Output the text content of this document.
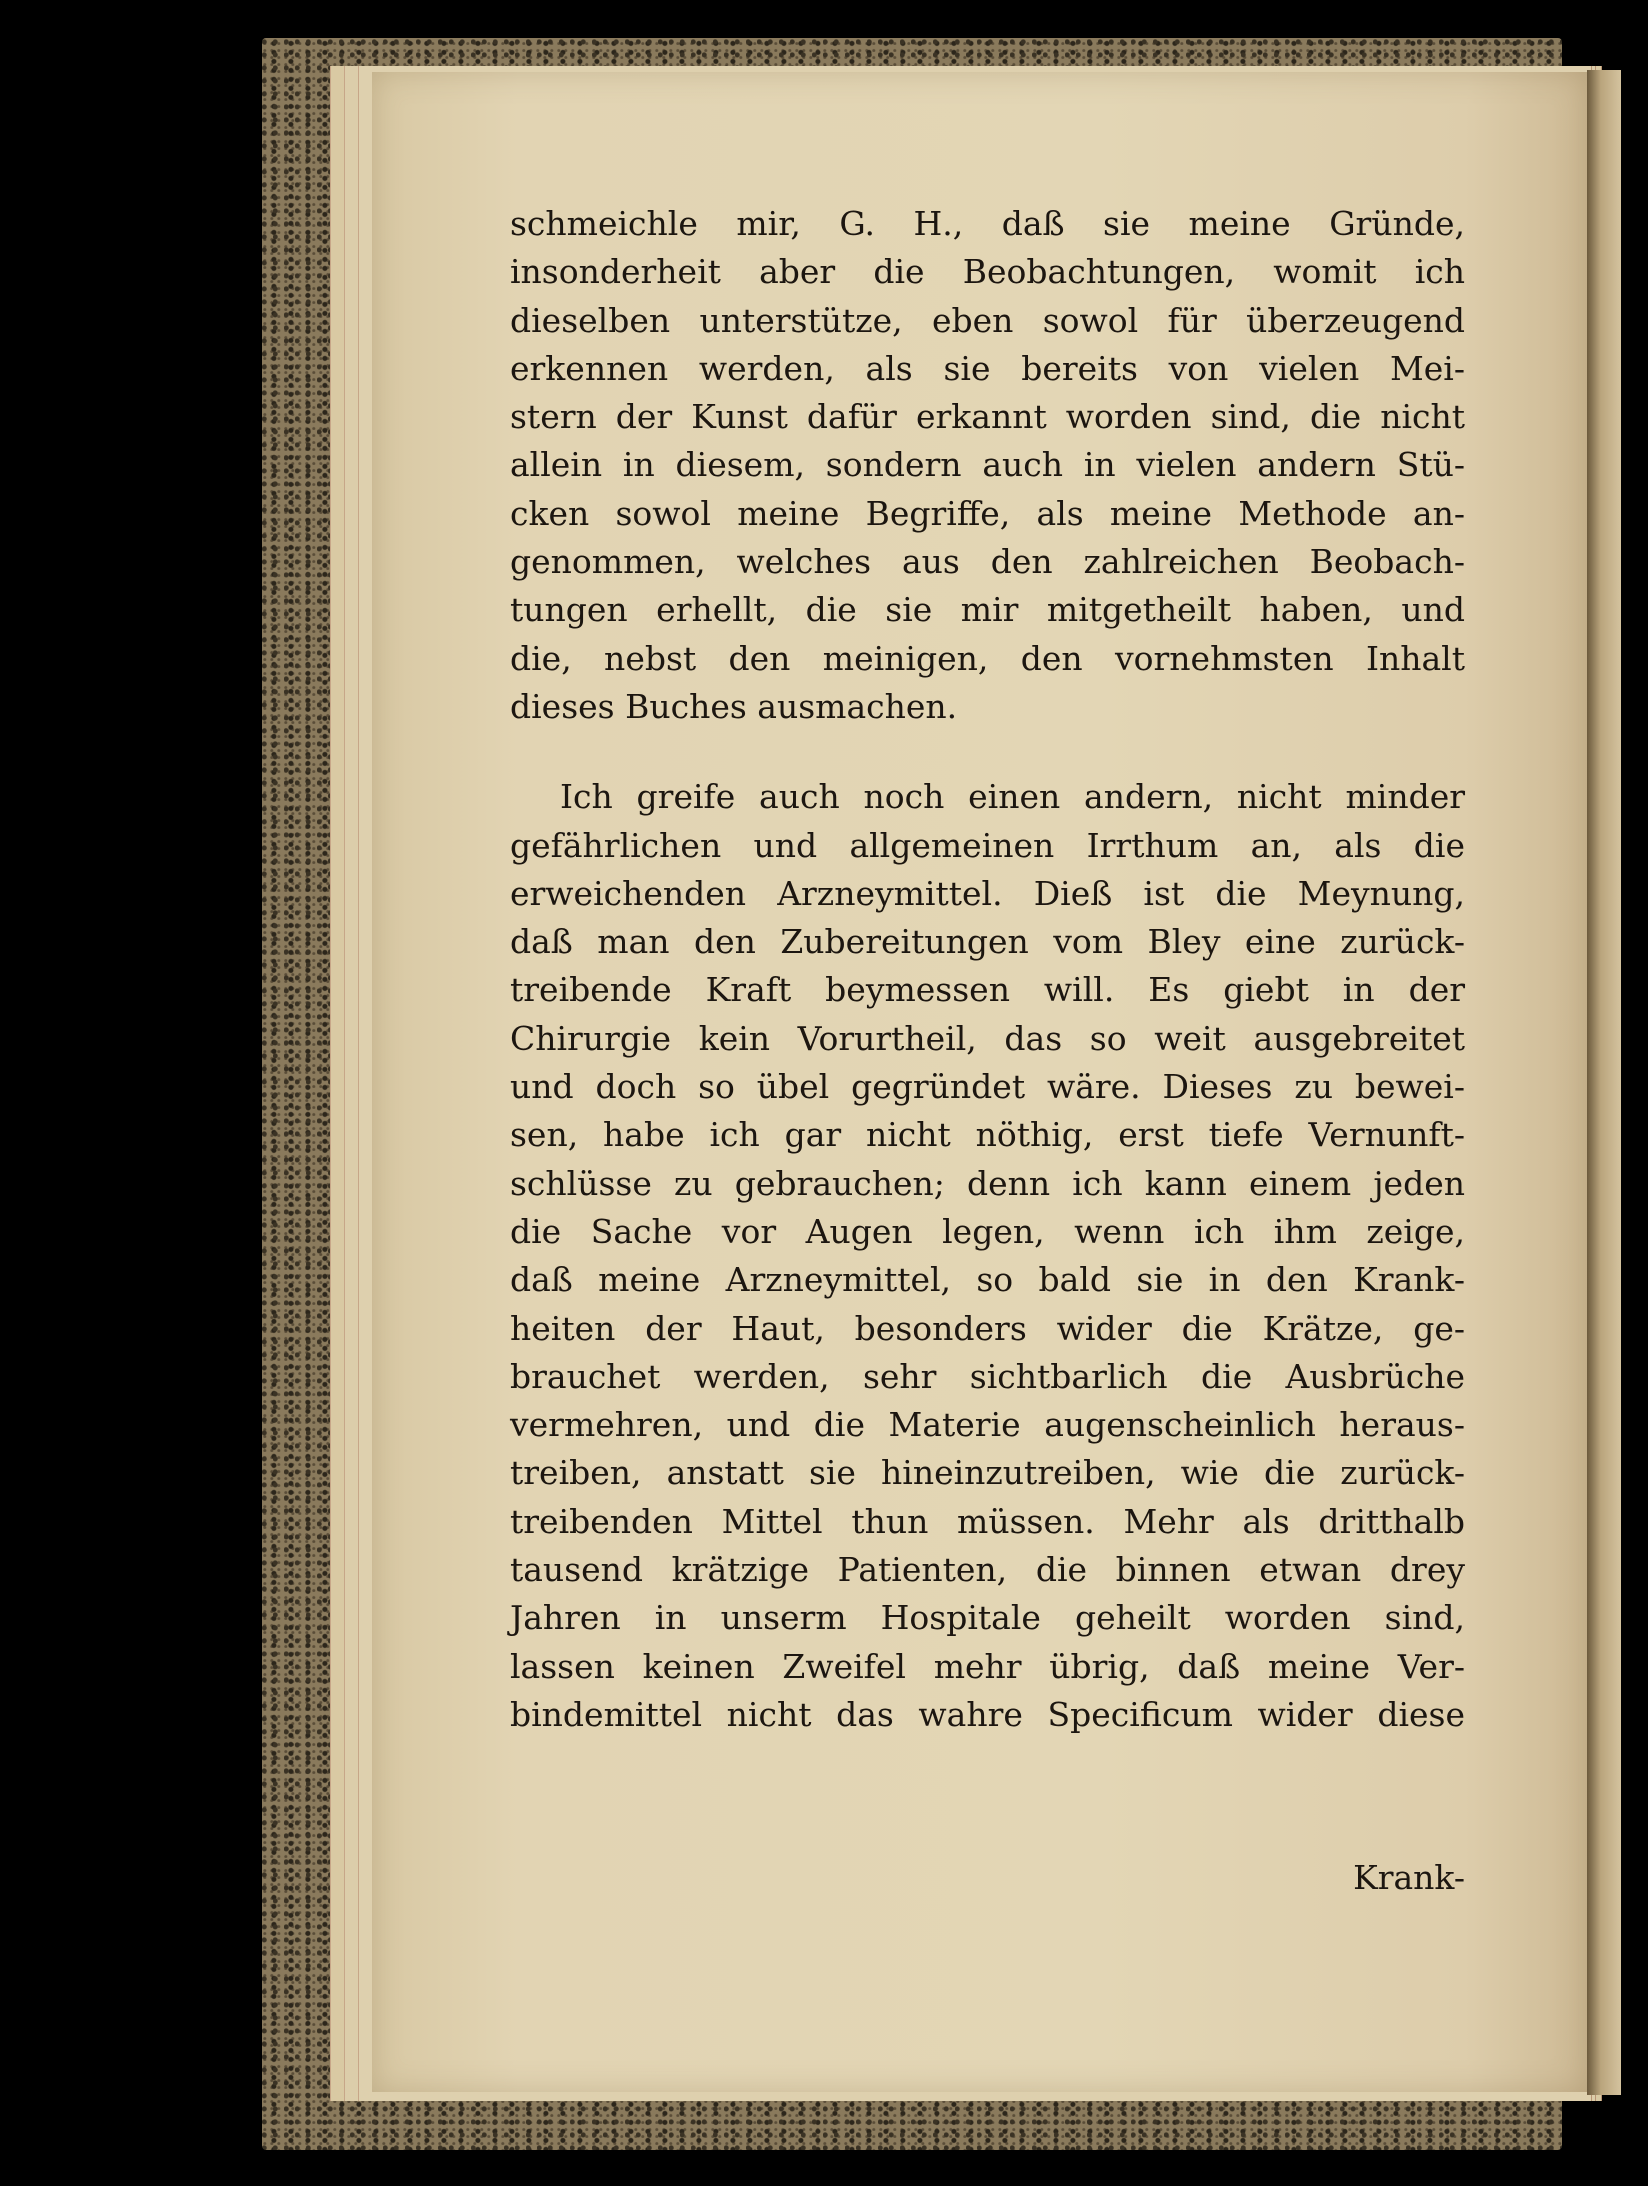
schmeichle mir, G. H., daß sie meine Gründe,
insonderheit aber die Beobachtungen, womit ich
dieselben unterstütze, eben sowol für überzeugend
erkennen werden, als sie bereits von vielen Mei-
stern der Kunst dafür erkannt worden sind, die nicht
allein in diesem, sondern auch in vielen andern Stü-
cken sowol meine Begriffe, als meine Methode an-
genommen, welches aus den zahlreichen Beobach-
tungen erhellt, die sie mir mitgetheilt haben, und
die, nebst den meinigen, den vornehmsten Inhalt
dieses Buches ausmachen.
Ich greife auch noch einen andern, nicht minder
gefährlichen und allgemeinen Irrthum an, als die
erweichenden Arzneymittel. Dieß ist die Meynung,
daß man den Zubereitungen vom Bley eine zurück-
treibende Kraft beymessen will. Es giebt in der
Chirurgie kein Vorurtheil, das so weit ausgebreitet
und doch so übel gegründet wäre. Dieses zu bewei-
sen, habe ich gar nicht nöthig, erst tiefe Vernunft-
schlüsse zu gebrauchen; denn ich kann einem jeden
die Sache vor Augen legen, wenn ich ihm zeige,
daß meine Arzneymittel, so bald sie in den Krank-
heiten der Haut, besonders wider die Krätze, ge-
brauchet werden, sehr sichtbarlich die Ausbrüche
vermehren, und die Materie augenscheinlich heraus-
treiben, anstatt sie hineinzutreiben, wie die zurück-
treibenden Mittel thun müssen. Mehr als dritthalb
tausend krätzige Patienten, die binnen etwan drey
Jahren in unserm Hospitale geheilt worden sind,
lassen keinen Zweifel mehr übrig, daß meine Ver-
bindemittel nicht das wahre Specificum wider diese
Krank-
